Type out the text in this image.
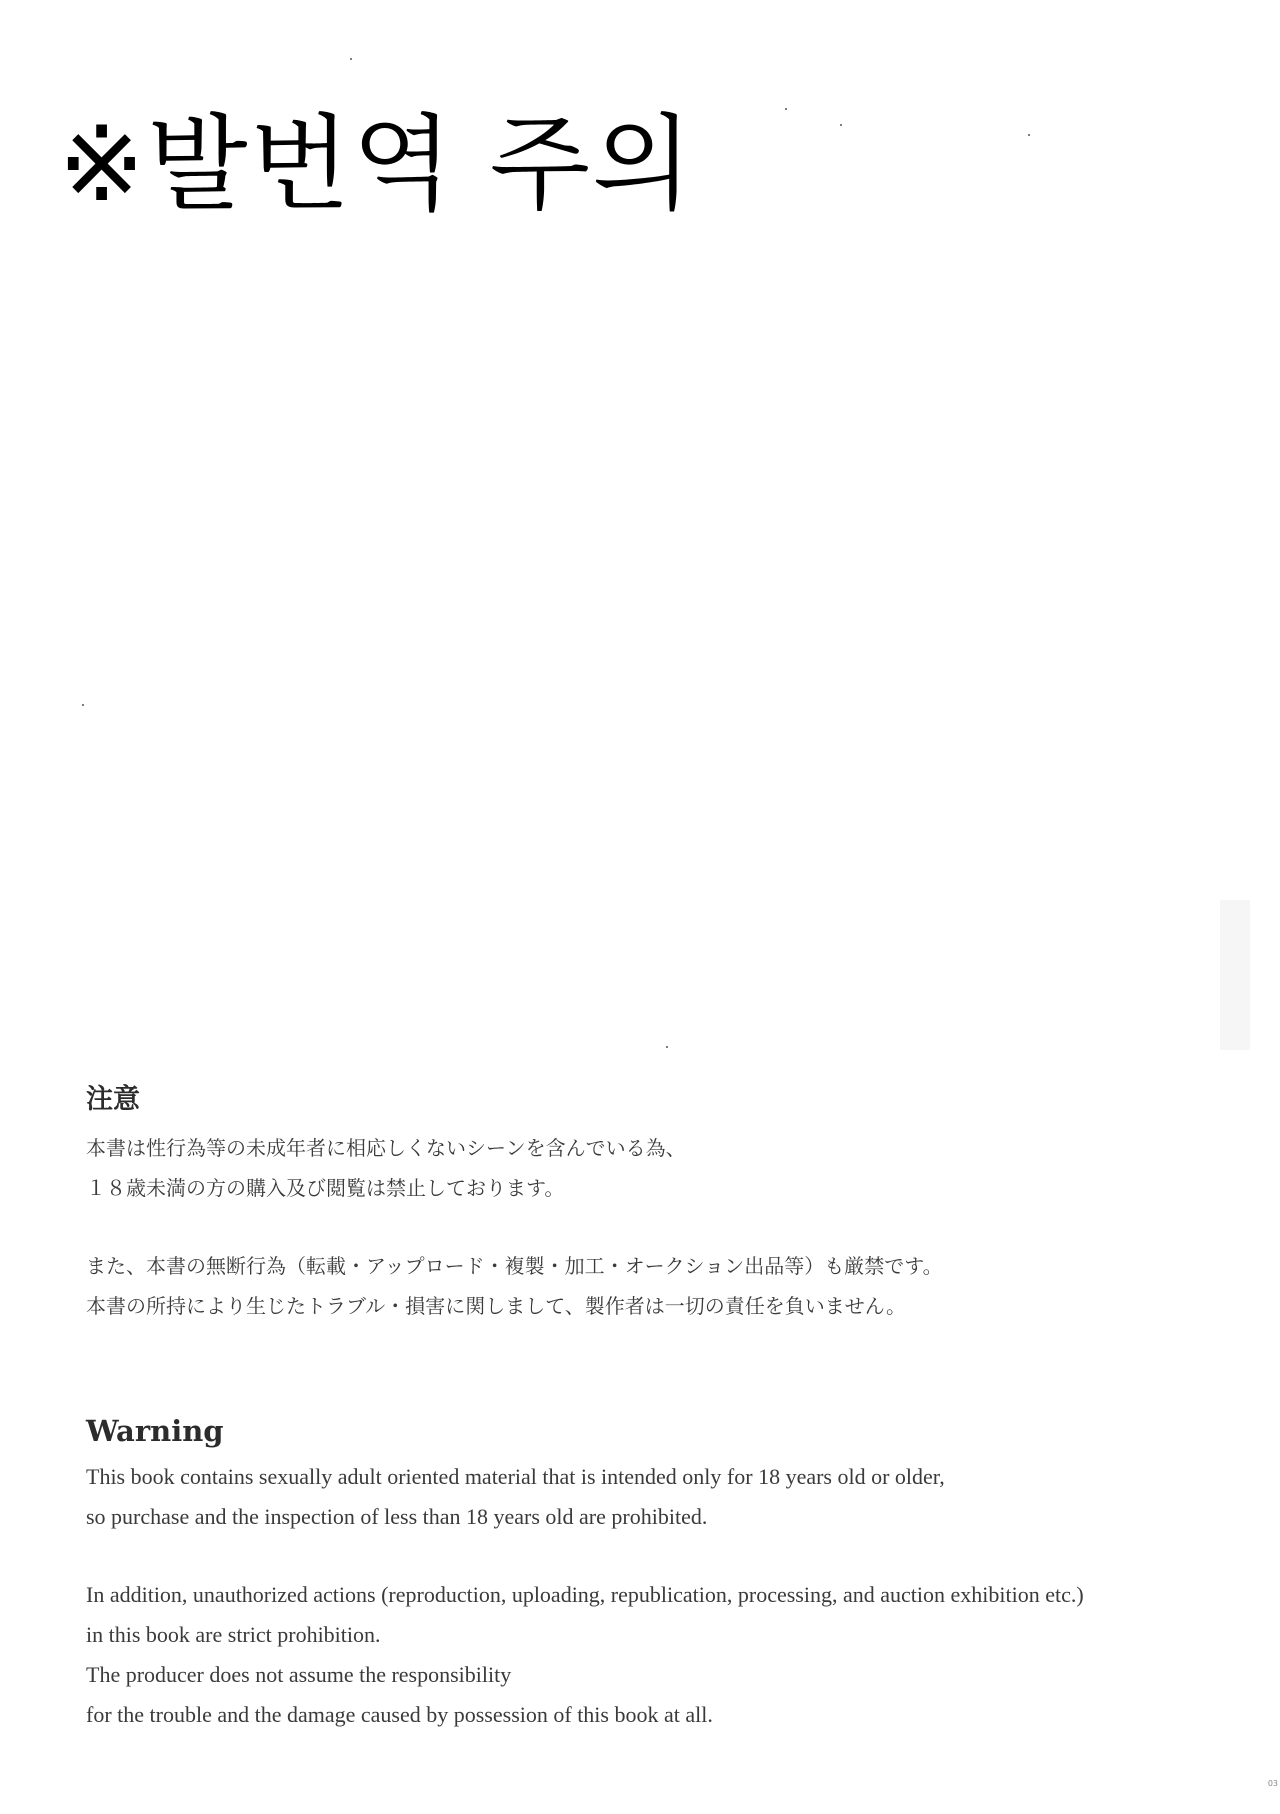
※발번역 주의
注意
本書は性行為等の未成年者に相応しくないシーンを含んでいる為、
１８歳未満の方の購入及び閲覧は禁止しております。
また、本書の無断行為（転載・アップロード・複製・加工・オークション出品等）も厳禁です。
本書の所持により生じたトラブル・損害に関しまして、製作者は一切の責任を負いません。
Warning
This book contains sexually adult oriented material that is intended only for 18 years old or older,
so purchase and the inspection of less than 18 years old are prohibited.
In addition, unauthorized actions (reproduction, uploading, republication, processing, and auction exhibition etc.)
in this book are strict prohibition.
The producer does not assume the responsibility
for the trouble and the damage caused by possession of this book at all.
03
